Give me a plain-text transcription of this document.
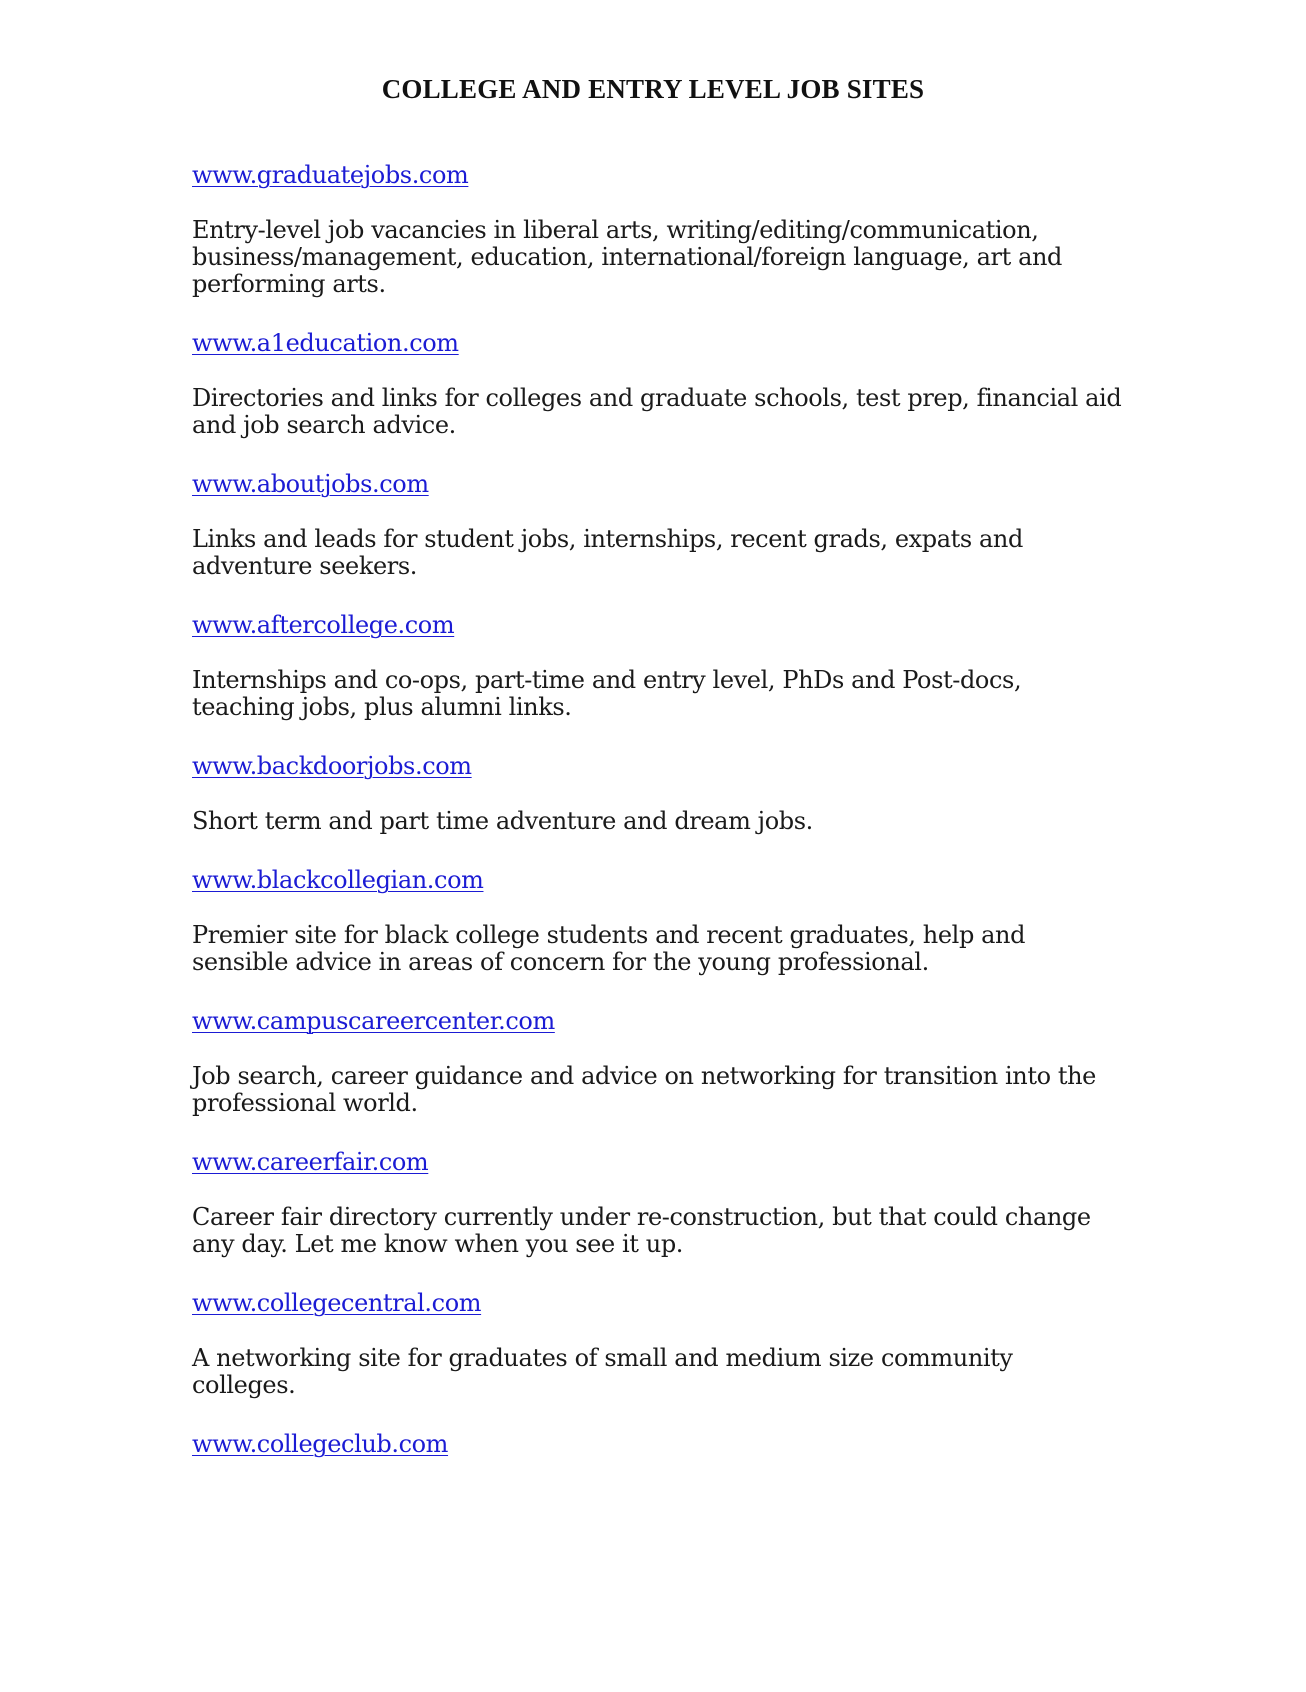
COLLEGE AND ENTRY LEVEL JOB SITES
www.graduatejobs.com

Entry-level job vacancies in liberal arts, writing/editing/communication, business/management, education, international/foreign language, art and performing arts.

www.a1education.com

Directories and links for colleges and graduate schools, test prep, financial aid and job search advice.

www.aboutjobs.com

Links and leads for student jobs, internships, recent grads, expats and adventure seekers.

www.aftercollege.com

Internships and co-ops, part-time and entry level, PhDs and Post-docs, teaching jobs, plus alumni links.

www.backdoorjobs.com

Short term and part time adventure and dream jobs.

www.blackcollegian.com

Premier site for black college students and recent graduates, help and sensible advice in areas of concern for the young professional.

www.campuscareercenter.com

Job search, career guidance and advice on networking for transition into the professional world.

www.careerfair.com

Career fair directory currently under re-construction, but that could change any day. Let me know when you see it up.

www.collegecentral.com

A networking site for graduates of small and medium size community colleges.

www.collegeclub.com
